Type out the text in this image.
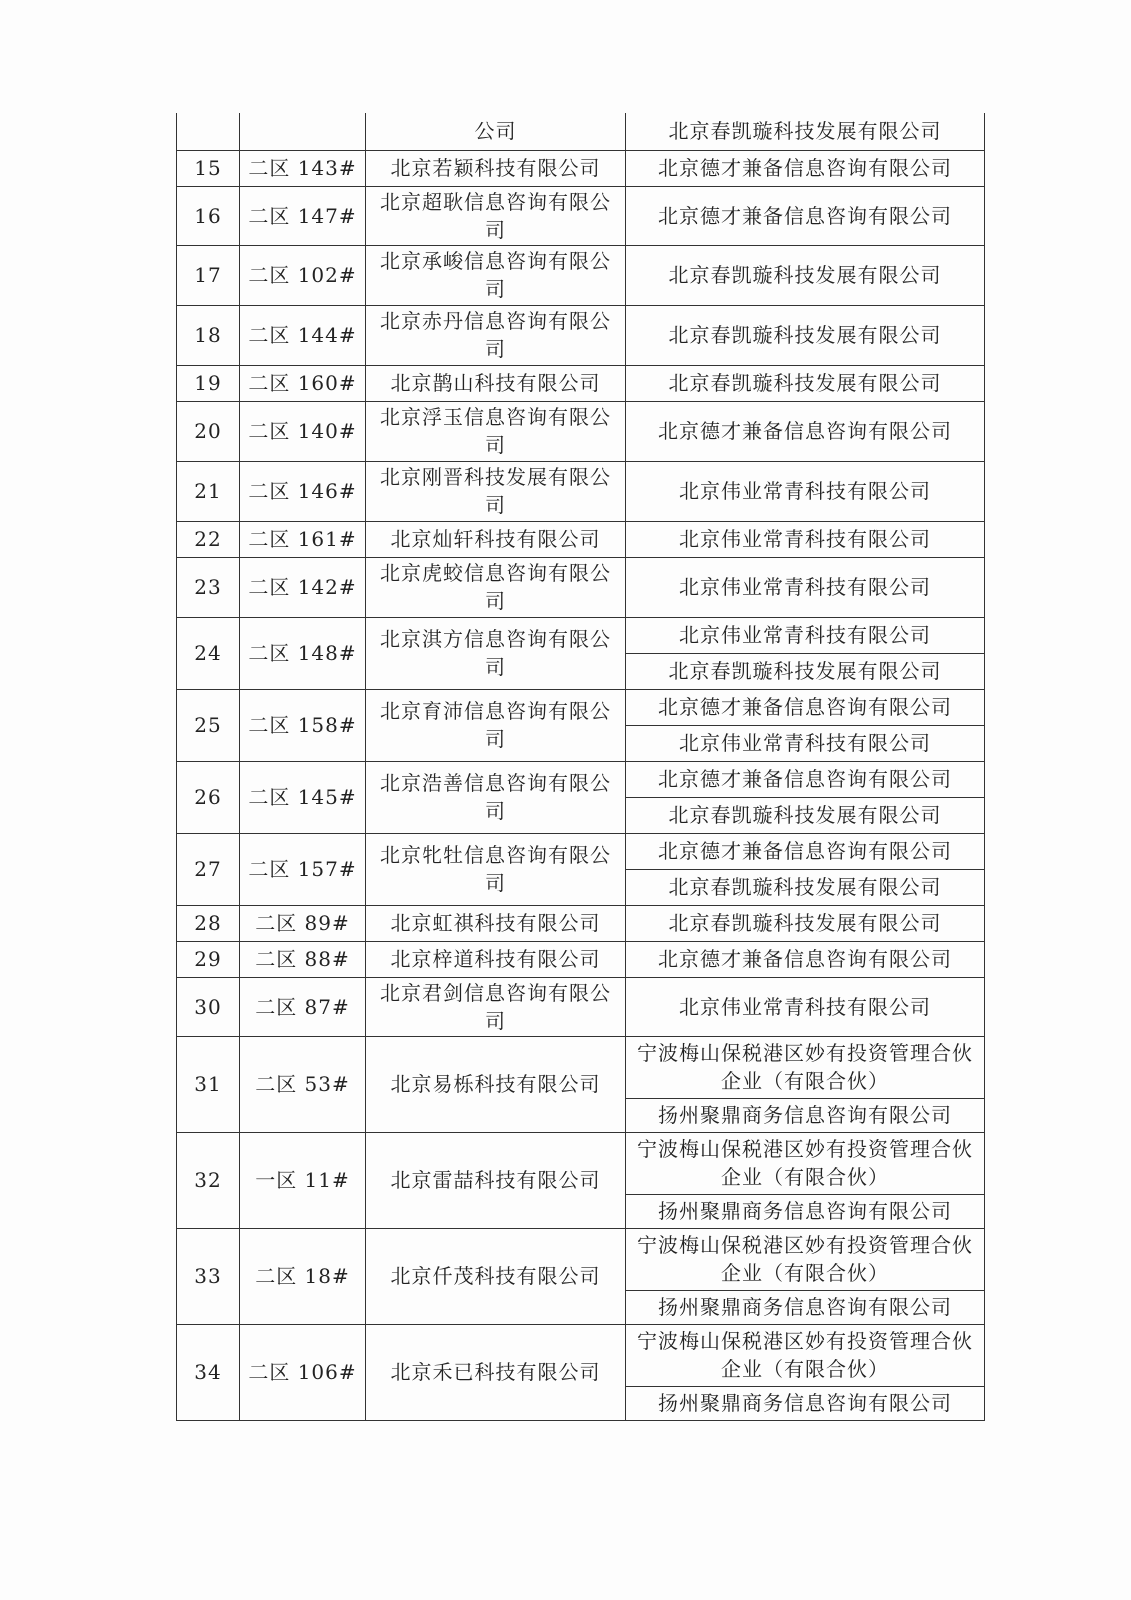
		公司	北京春凯璇科技发展有限公司
15	二区 143#	北京若颖科技有限公司	北京德才兼备信息咨询有限公司
16	二区 147#	北京超耿信息咨询有限公司	北京德才兼备信息咨询有限公司
17	二区 102#	北京承峻信息咨询有限公司	北京春凯璇科技发展有限公司
18	二区 144#	北京赤丹信息咨询有限公司	北京春凯璇科技发展有限公司
19	二区 160#	北京鹊山科技有限公司	北京春凯璇科技发展有限公司
20	二区 140#	北京浮玉信息咨询有限公司	北京德才兼备信息咨询有限公司
21	二区 146#	北京刚晋科技发展有限公司	北京伟业常青科技有限公司
22	二区 161#	北京灿轩科技有限公司	北京伟业常青科技有限公司
23	二区 142#	北京虎蛟信息咨询有限公司	北京伟业常青科技有限公司
24	二区 148#	北京淇方信息咨询有限公司	北京伟业常青科技有限公司
			北京春凯璇科技发展有限公司
25	二区 158#	北京育沛信息咨询有限公司	北京德才兼备信息咨询有限公司
			北京伟业常青科技有限公司
26	二区 145#	北京浩善信息咨询有限公司	北京德才兼备信息咨询有限公司
			北京春凯璇科技发展有限公司
27	二区 157#	北京牝牡信息咨询有限公司	北京德才兼备信息咨询有限公司
			北京春凯璇科技发展有限公司
28	二区 89#	北京虹祺科技有限公司	北京春凯璇科技发展有限公司
29	二区 88#	北京梓道科技有限公司	北京德才兼备信息咨询有限公司
30	二区 87#	北京君剑信息咨询有限公司	北京伟业常青科技有限公司
31	二区 53#	北京易栎科技有限公司	宁波梅山保税港区妙有投资管理合伙企业（有限合伙）
			扬州聚鼎商务信息咨询有限公司
32	一区 11#	北京雷喆科技有限公司	宁波梅山保税港区妙有投资管理合伙企业（有限合伙）
			扬州聚鼎商务信息咨询有限公司
33	二区 18#	北京仟茂科技有限公司	宁波梅山保税港区妙有投资管理合伙企业（有限合伙）
			扬州聚鼎商务信息咨询有限公司
34	二区 106#	北京禾已科技有限公司	宁波梅山保税港区妙有投资管理合伙企业（有限合伙）
			扬州聚鼎商务信息咨询有限公司
